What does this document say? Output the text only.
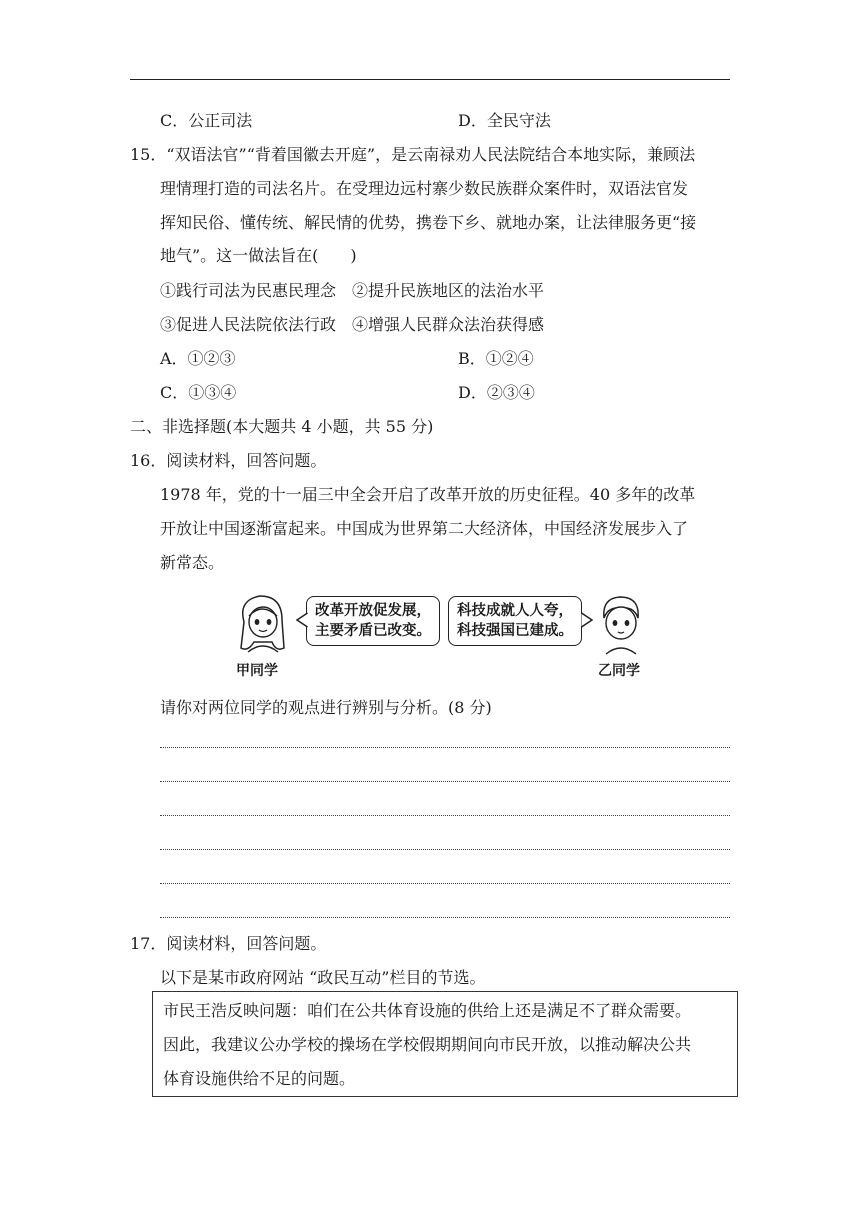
C．公正司法	D．全民守法
15．“双语法官”“背着国徽去开庭”，是云南禄劝人民法院结合本地实际，兼顾法
理情理打造的司法名片。在受理边远村寨少数民族群众案件时，双语法官发
挥知民俗、懂传统、解民情的优势，携卷下乡、就地办案，让法律服务更“接
地气”。这一做法旨在(　　)
①践行司法为民惠民理念　②提升民族地区的法治水平
③促进人民法院依法行政　④增强人民群众法治获得感
A．①②③	B．①②④
C．①③④	D．②③④
二、非选择题(本大题共 4 小题，共 55 分)
16．阅读材料，回答问题。
1978 年，党的十一届三中全会开启了改革开放的历史征程。40 多年的改革
开放让中国逐渐富起来。中国成为世界第二大经济体，中国经济发展步入了
新常态。
改革开放促发展，
主要矛盾已改变。
科技成就人人夸，
科技强国已建成。
甲同学	乙同学
请你对两位同学的观点进行辨别与分析。(8 分)
17．阅读材料，回答问题。
以下是某市政府网站 “政民互动”栏目的节选。
市民王浩反映问题：咱们在公共体育设施的供给上还是满足不了群众需要。
因此，我建议公办学校的操场在学校假期期间向市民开放，以推动解决公共
体育设施供给不足的问题。
